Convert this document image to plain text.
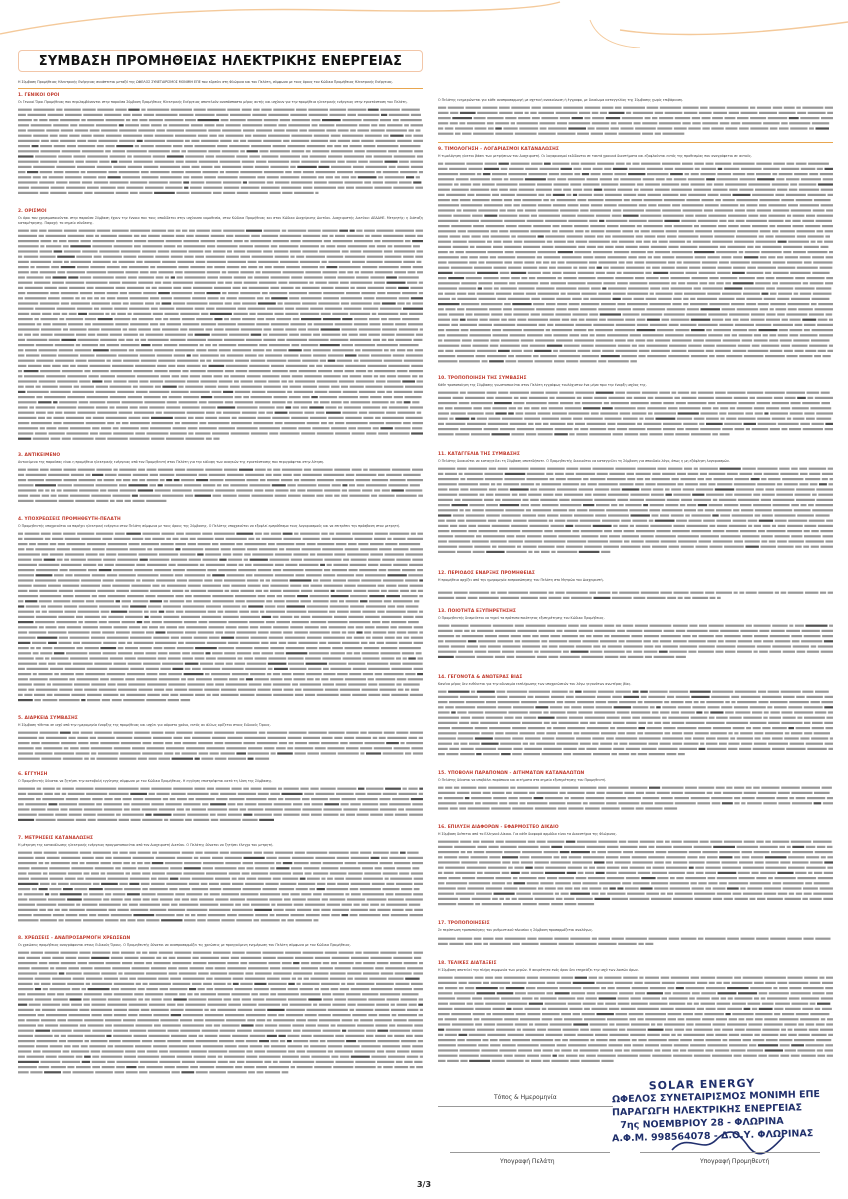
ΣΥΜΒΑΣΗ ΠΡΟΜΗΘΕΙΑΣ ΗΛΕΚΤΡΙΚΗΣ ΕΝΕΡΓΕΙΑΣ

Η Σύμβαση Προμήθειας Ηλεκτρικής Ενέργειας συνάπτεται μεταξύ της ΩΦΕΛΟΣ ΣΥΝΕΤΑΙΡΙΣΜΟΣ ΜΟΝΙΜΗ ΕΠΕ που εδρεύει στη Φλώρινα και του Πελάτη, σύμφωνα με τους όρους του Κώδικα Προμήθειας Ηλεκτρικής Ενέργειας.

1. ΓΕΝΙΚΟΙ ΟΡΟΙ

Οι Γενικοί Όροι Προμήθειας που περιλαμβάνονται στην παρούσα Σύμβαση Προμήθειας Ηλεκτρικής Ενέργειας αποτελούν αναπόσπαστο μέρος αυτής και ισχύουν για την προμήθεια ηλεκτρικής ενέργειας στην εγκατάσταση του Πελάτη.

2. ΟΡΙΣΜΟΙ

Οι όροι που χρησιμοποιούνται στην παρούσα Σύμβαση έχουν την έννοια που τους αποδίδεται στην ισχύουσα νομοθεσία, στον Κώδικα Προμήθειας και στον Κώδικα Διαχείρισης Δικτύου. Διαχειριστής Δικτύου: ΔΕΔΔΗΕ. Μετρητής: η διάταξη καταμέτρησης. Παροχή: το σημείο σύνδεσης.

3. ΑΝΤΙΚΕΙΜΕΝΟ

Αντικείμενο της παρούσας είναι η προμήθεια ηλεκτρικής ενέργειας από τον Προμηθευτή στον Πελάτη για την κάλυψη των αναγκών της εγκατάστασης που περιγράφεται στην Αίτηση.

4. ΥΠΟΧΡΕΩΣΕΙΣ ΠΡΟΜΗΘΕΥΤΗ-ΠΕΛΑΤΗ

Ο Προμηθευτής υποχρεούται να παρέχει ηλεκτρική ενέργεια στον Πελάτη σύμφωνα με τους όρους της Σύμβασης. Ο Πελάτης υποχρεούται να εξοφλεί εμπρόθεσμα τους λογαριασμούς και να επιτρέπει την πρόσβαση στον μετρητή.

5. ΔΙΑΡΚΕΙΑ ΣΥΜΒΑΣΗΣ

Η Σύμβαση τίθεται σε ισχύ από την ημερομηνία έναρξης της προμήθειας και ισχύει για αόριστο χρόνο, εκτός αν άλλως ορίζεται στους Ειδικούς Όρους.

6. ΕΓΓΥΗΣΗ

Ο Προμηθευτής δύναται να ζητήσει την καταβολή εγγύησης σύμφωνα με τον Κώδικα Προμήθειας. Η εγγύηση επιστρέφεται κατά τη λύση της Σύμβασης.

7. ΜΕΤΡΗΣΕΙΣ ΚΑΤΑΝΑΛΩΣΗΣ

Η μέτρηση της κατανάλωσης ηλεκτρικής ενέργειας πραγματοποιείται από τον Διαχειριστή Δικτύου. Ο Πελάτης δύναται να ζητήσει έλεγχο του μετρητή.

8. ΧΡΕΩΣΕΙΣ - ΑΝΑΠΡΟΣΑΡΜΟΓΗ ΧΡΕΩΣΕΩΝ

Οι χρεώσεις προμήθειας αναγράφονται στους Ειδικούς Όρους. Ο Προμηθευτής δύναται να αναπροσαρμόζει τις χρεώσεις με προηγούμενη ενημέρωση του Πελάτη σύμφωνα με τον Κώδικα Προμήθειας.

Ο Πελάτης ενημερώνεται για κάθε αναπροσαρμογή με σχετική ανακοίνωση ή έγγραφο, με δικαίωμα καταγγελίας της Σύμβασης χωρίς επιβάρυνση.

9. ΤΙΜΟΛΟΓΗΣΗ - ΛΟΓΑΡΙΑΣΜΟΙ ΚΑΤΑΝΑΛΩΣΗΣ

Η τιμολόγηση γίνεται βάσει των μετρήσεων του Διαχειριστή. Οι λογαριασμοί εκδίδονται σε τακτά χρονικά διαστήματα και εξοφλούνται εντός της προθεσμίας που αναγράφεται σε αυτούς.

10. ΤΡΟΠΟΠΟΙΗΣΗ ΤΗΣ ΣΥΜΒΑΣΗΣ

Κάθε τροποποίηση της Σύμβασης γνωστοποιείται στον Πελάτη εγγράφως τουλάχιστον ένα μήνα πριν την έναρξη ισχύος της.

11. ΚΑΤΑΓΓΕΛΙΑ ΤΗΣ ΣΥΜΒΑΣΗΣ

Ο Πελάτης δικαιούται να καταγγείλει τη Σύμβαση οποτεδήποτε. Ο Προμηθευτής δικαιούται να καταγγείλει τη Σύμβαση για σπουδαίο λόγο, όπως η μη εξόφληση λογαριασμών.

12. ΠΕΡΙΟΔΟΣ ΕΝΑΡΞΗΣ ΠΡΟΜΗΘΕΙΑΣ

Η προμήθεια αρχίζει από την ημερομηνία εκπροσώπησης του Πελάτη στο Μητρώο του Διαχειριστή.

13. ΠΟΙΟΤΗΤΑ ΕΞΥΠΗΡΕΤΗΣΗΣ

Ο Προμηθευτής δεσμεύεται να τηρεί τα πρότυπα ποιότητας εξυπηρέτησης του Κώδικα Προμήθειας.

14. ΓΕΓΟΝΟΤΑ & ΑΝΩΤΕΡΑΣ ΒΙΑΣ

Κανένα μέρος δεν ευθύνεται για την αδυναμία εκπλήρωσης των υποχρεώσεών του λόγω γεγονότων ανωτέρας βίας.

15. ΥΠΟΒΟΛΗ ΠΑΡΑΠΟΝΩΝ - ΑΙΤΗΜΑΤΩΝ ΚΑΤΑΝΑΛΩΤΩΝ

Ο Πελάτης δύναται να υποβάλει παράπονα και αιτήματα στα σημεία εξυπηρέτησης του Προμηθευτή.

16. ΕΠΙΛΥΣΗ ΔΙΑΦΟΡΩΝ - ΕΦΑΡΜΟΣΤΕΟ ΔΙΚΑΙΟ

Η Σύμβαση διέπεται από το Ελληνικό Δίκαιο. Για κάθε διαφορά αρμόδια είναι τα Δικαστήρια της Φλώρινας.

17. ΤΡΟΠΟΠΟΙΗΣΕΙΣ

Σε περίπτωση τροποποίησης του ρυθμιστικού πλαισίου η Σύμβαση προσαρμόζεται αναλόγως.

18. ΤΕΛΙΚΕΣ ΔΙΑΤΑΞΕΙΣ

Η Σύμβαση αποτελεί την πλήρη συμφωνία των μερών. Η ακυρότητα ενός όρου δεν επηρεάζει την ισχύ των λοιπών όρων.

Τόπος & Ημερομηνία
SOLAR ENERGY
ΩΦΕΛΟΣ ΣΥΝΕΤΑΙΡΙΣΜΟΣ ΜΟΝΙΜΗ ΕΠΕ
ΠΑΡΑΓΩΓΗ ΗΛΕΚΤΡΙΚΗΣ ΕΝΕΡΓΕΙΑΣ
7ης ΝΟΕΜΒΡΙΟΥ 28 - ΦΛΩΡΙΝΑ
Α.Φ.Μ. 998564078 - Δ.Ο.Υ. ΦΛΩΡΙΝΑΣ
Υπογραφή Πελάτη	Υπογραφή Προμηθευτή
3/3
